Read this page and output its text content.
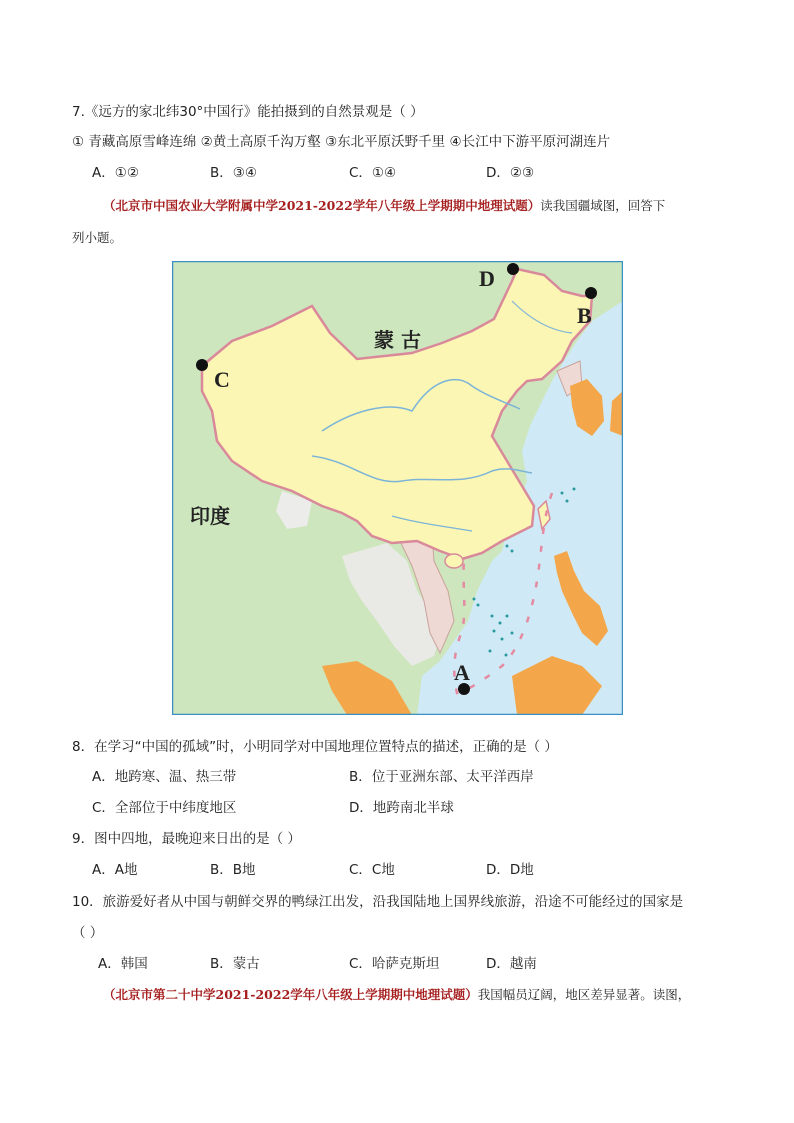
7.《远方的家北纬30°中国行》能拍摄到的自然景观是（ ）
① 青藏高原雪峰连绵 ②黄土高原千沟万壑 ③东北平原沃野千里 ④长江中下游平原河湖连片
A．①②	B．③④	C．①④	D．②③
（北京市中国农业大学附属中学2021-2022学年八年级上学期期中地理试题）读我国疆域图，回答下
列小题。
A
B
C
D
蒙 古
印度
8．在学习“中国的孤域”时，小明同学对中国地理位置特点的描述，正确的是（ ）
A．地跨寒、温、热三带	B．位于亚洲东部、太平洋西岸
C．全部位于中纬度地区	D．地跨南北半球
9．图中四地，最晚迎来日出的是（ ）
A．A地	B．B地	C．C地	D．D地
10．旅游爱好者从中国与朝鲜交界的鸭绿江出发，沿我国陆地上国界线旅游，沿途不可能经过的国家是
（ ）
A．韩国	B．蒙古	C．哈萨克斯坦	D．越南
（北京市第二十中学2021-2022学年八年级上学期期中地理试题）我国幅员辽阔，地区差异显著。读图，
